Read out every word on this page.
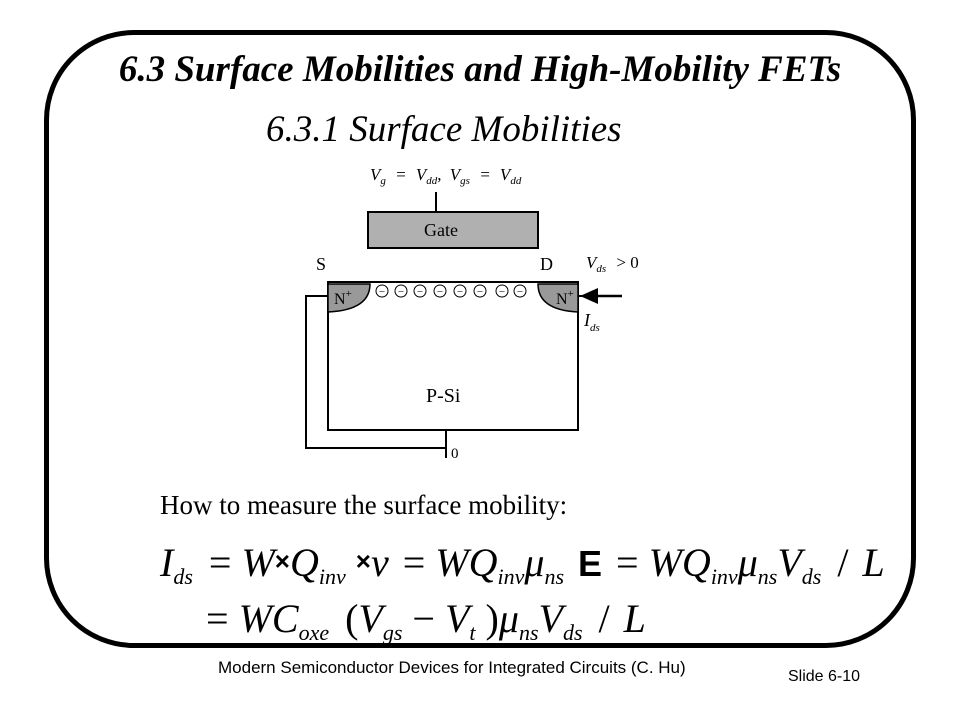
6.3 Surface Mobilities and High-Mobility FETs
6.3.1 Surface Mobilities
$V_g = V_{dd}$, $V_{gs} = V_{dd}$
Gate
S	D
N+	N+
− − − − − − − −
P-Si
0
$V_{ds} > 0$
$I_{ds}$
How to measure the surface mobility:
$I_{ds} = W\times Q_{inv}$ $^\times v = WQ_{inv}\mu_{ns}$ $E = WQ_{inv}\mu_{ns}V_{ds} / L$
= $WC_{oxe}$ ($V_{gs} - V_t$ )$\mu_{ns}V_{ds}$ / L
Modern Semiconductor Devices for Integrated Circuits (C. Hu)	Slide 6-10
